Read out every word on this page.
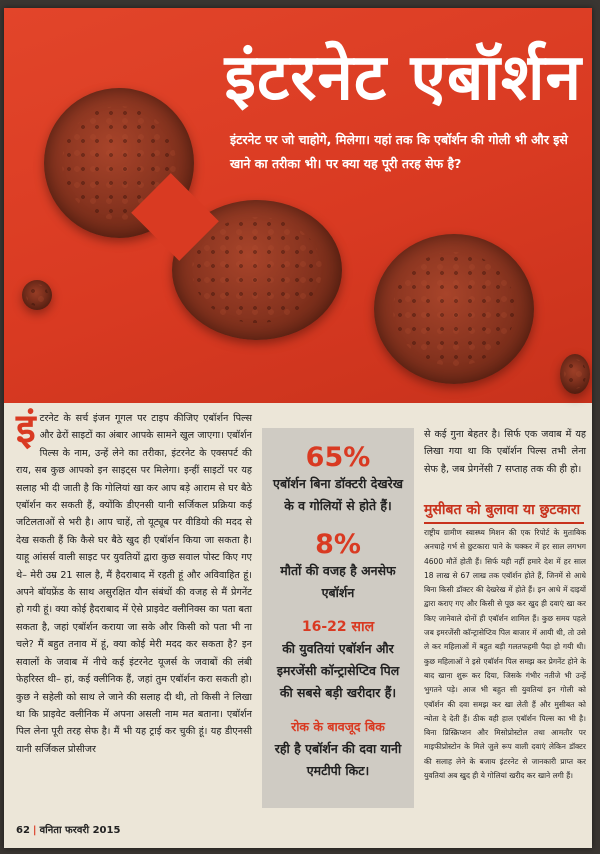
इंटरनेट एबॉर्शन

इंटरनेट पर जो चाहोगे, मिलेगा। यहां तक कि एबॉर्शन की गोली भी और इसे खाने का तरीका भी। पर क्या यह पूरी तरह सेफ है?

इंटरनेट के सर्च इंजन गूगल पर टाइप कीजिए एबॉर्शन पिल्स और ढेरों साइटों का अंबार आपके सामने खुल जाएगा। एबॉर्शन पिल्स के नाम, उन्हें लेने का तरीका, इंटरनेट के एक्सपर्ट की राय, सब कुछ आपको इन साइट्स पर मिलेगा। इन्हीं साइटों पर यह सलाह भी दी जाती है कि गोलियां खा कर आप बड़े आराम से घर बैठे एबॉर्शन कर सकती हैं, क्योंकि डीएनसी यानी सर्जिकल प्रक्रिया कई जटिलताओं से भरी है। आप चाहें, तो यूट्यूब पर वीडियो की मदद से देख सकती हैं कि कैसे घर बैठे खुद ही एबॉर्शन किया जा सकता है। याहू आंसर्स वाली साइट पर युवतियों द्वारा कुछ सवाल पोस्ट किए गए थे– मेरी उम्र 21 साल है, मैं हैदराबाद में रहती हूं और अविवाहित हूं। अपने बॉयफ्रेंड के साथ असुरक्षित यौन संबंधों की वजह से मैं प्रेगनेंट हो गयी हूं। क्या कोई हैदराबाद में ऐसे प्राइवेट क्लीनिक्स का पता बता सकता है, जहां एबॉर्शन कराया जा सके और किसी को पता भी ना चले? मैं बहुत तनाव में हूं, क्या कोई मेरी मदद कर सकता है? इन सवालों के जवाब में नीचे कई इंटरनेट यूजर्स के जवाबों की लंबी फेहरिस्त थी– हां, कई क्लीनिक हैं, जहां तुम एबॉर्शन करा सकती हो। कुछ ने सहेली को साथ ले जाने की सलाह दी थी, तो किसी ने लिखा था कि प्राइवेट क्लीनिक में अपना असली नाम मत बताना। एबॉर्शन पिल लेना पूरी तरह सेफ है। मैं भी यह ट्राई कर चुकी हूं। यह डीएनसी यानी सर्जिकल प्रोसीजर

65%

एबॉर्शन बिना डॉक्टरी देखरेख के व गोलियों से होते हैं।

8%

मौतों की वजह है अनसेफ एबॉर्शन

16-22 साल

की युवतियां एबॉर्शन और इमरजेंसी कॉन्ट्रासेप्टिव पिल की सबसे बड़ी खरीदार हैं।

रोक के बावजूद बिक

रही है एबॉर्शन की दवा यानी एमटीपी किट।

से कई गुना बेहतर है। सिर्फ एक जवाब में यह लिखा गया था कि एबॉर्शन पिल्स तभी लेना सेफ है, जब प्रेगनेंसी 7 सप्ताह तक की ही हो।

मुसीबत को बुलावा या छुटकारा

राष्ट्रीय ग्रामीण स्वास्थ्य मिशन की एक रिपोर्ट के मुताबिक अनचाहे गर्भ से छुटकारा पाने के चक्कर में हर साल लगभग 4600 मौतें होती हैं। सिर्फ यही नहीं हमारे देश में हर साल 18 लाख से 67 लाख तक एबॉर्शन होते हैं, जिनमें से आधे बिना किसी डॉक्टर की देखरेख में होते हैं। इन आधे में दाइयों द्वारा कराए गए और किसी से पूछ कर खुद ही दवाएं खा कर किए जानेवाले दोनों ही एबॉर्शन शामिल हैं। कुछ समय पहले जब इमरजेंसी कॉन्ट्रासेप्टिव पिल बाजार में आयी थी, तो उसे ले कर महिलाओं में बहुत बड़ी गलतफहमी पैदा हो गयी थी। कुछ महिलाओं ने इसे एबॉर्शन पिल समझ कर प्रेगनेंट होने के बाद खाना शुरू कर दिया, जिसके गंभीर नतीजे भी उन्हें भुगतने पड़े। आज भी बहुत सी युवतियां इन गोली को एबॉर्शन की दवा समझ कर खा लेती हैं और मुसीबत को न्योता दे देती हैं। ठीक वही हाल एबॉर्शन पिल्स का भी है। बिना प्रिस्क्रिप्शन और मिसोप्रोस्टोल तथा आमतौर पर माइफीप्रोस्टोन के मिले जुले रूप वाली दवाएं लेकिन डॉक्टर की सलाह लेने के बजाय इंटरनेट से जानकारी प्राप्त कर युवतियां अब खुद ही ये गोलियां खरीद कर खाने लगी हैं।

62 | वनिता फरवरी 2015
